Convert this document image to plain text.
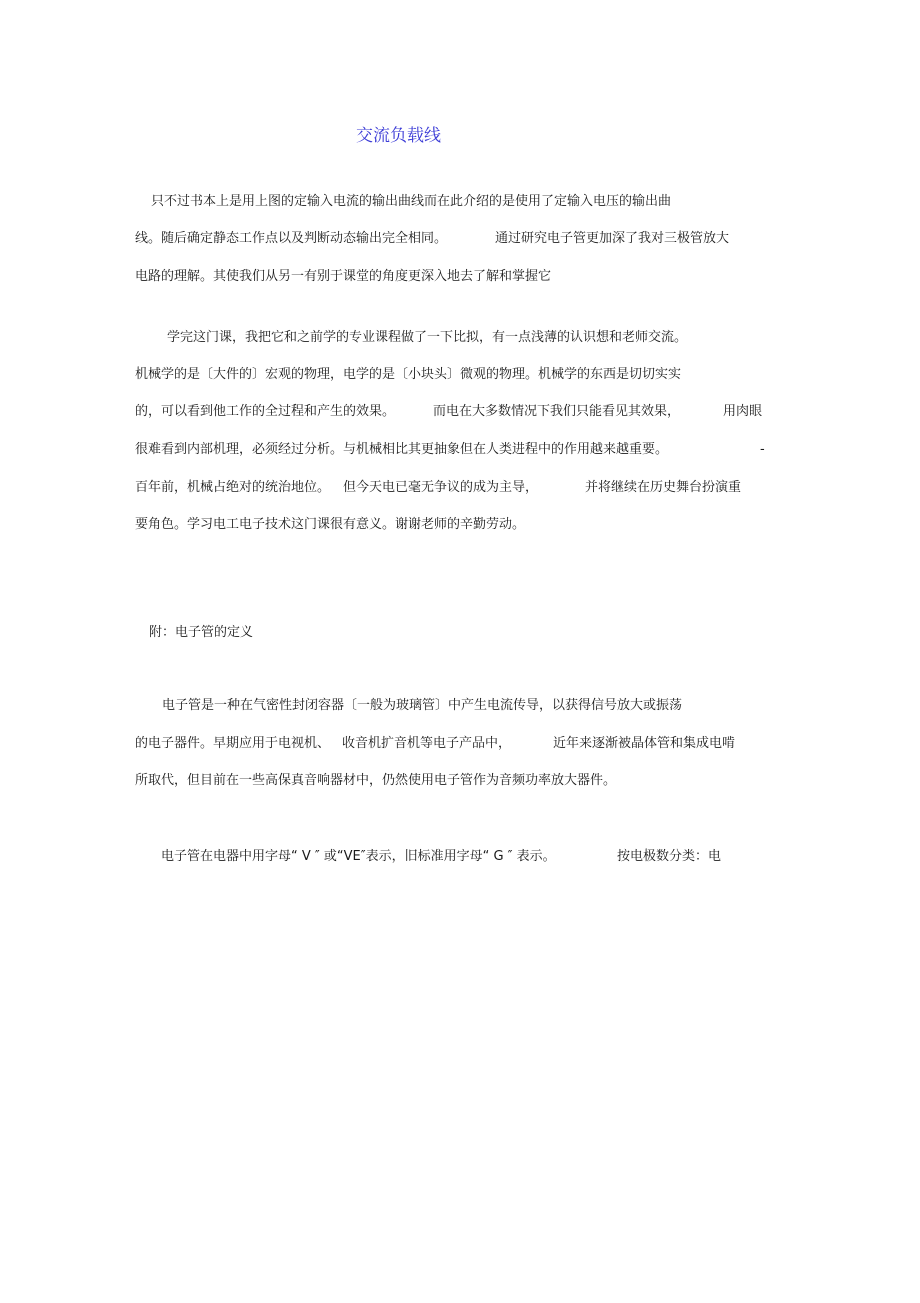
交流负载线
只不过书本上是用上图的定输入电流的输出曲线而在此介绍的是使用了定输入电压的输出曲
线。随后确定静态工作点以及判断动态输出完全相同。	通过研究电子管更加深了我对三极管放大
电路的理解。其使我们从另一有别于课堂的角度更深入地去了解和掌握它
学完这门课，我把它和之前学的专业课程做了一下比拟，有一点浅薄的认识想和老师交流。
机械学的是〔大件的〕宏观的物理，电学的是〔小块头〕微观的物理。机械学的东西是切切实实
的，可以看到他工作的全过程和产生的效果。	而电在大多数情况下我们只能看见其效果，	用肉眼
很难看到内部机理，必须经过分析。与机械相比其更抽象但在人类进程中的作用越来越重要。	-
百年前，机械占绝对的统治地位。 但今天电已毫无争议的成为主导，	并将继续在历史舞台扮演重
要角色。学习电工电子技术这门课很有意义。谢谢老师的辛勤劳动。
附：电子管的定义
电子管是一种在气密性封闭容器〔一般为玻璃管〕中产生电流传导，以获得信号放大或振荡
的电子器件。早期应用于电视机、 收音机扩音机等电子产品中，	近年来逐渐被晶体管和集成电啃
所取代，但目前在一些高保真音响器材中，仍然使用电子管作为音频功率放大器件。
电子管在电器中用字母“ V ″ 或“VE″表示，旧标准用字母“ G ″ 表示。	按电极数分类：电
